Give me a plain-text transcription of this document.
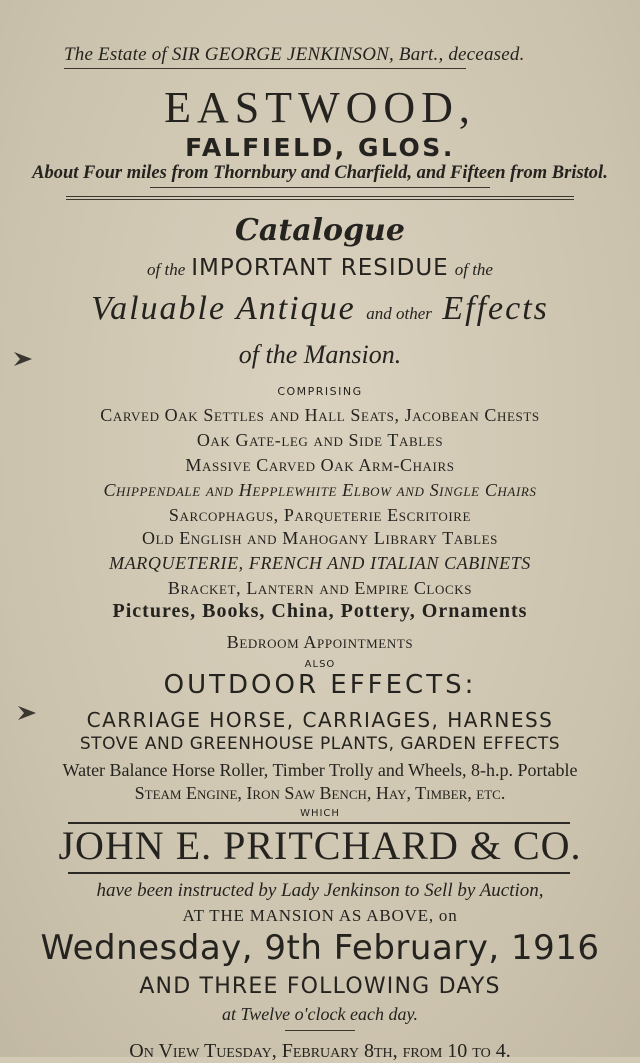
The Estate of SIR GEORGE JENKINSON, Bart., deceased.
EASTWOOD,
FALFIELD, GLOS.
About Four miles from Thornbury and Charfield, and Fifteen from Bristol.
Catalogue
of the IMPORTANT RESIDUE of the
Valuable Antique and other Effects
of the Mansion.
COMPRISING
Carved Oak Settles and Hall Seats, Jacobean Chests
Oak Gate-leg and Side Tables
Massive Carved Oak Arm-Chairs
Chippendale and Hepplewhite Elbow and Single Chairs
Sarcophagus, Parqueterie Escritoire
Old English and Mahogany Library Tables
MARQUETERIE, FRENCH AND ITALIAN CABINETS
Bracket, Lantern and Empire Clocks
Pictures, Books, China, Pottery, Ornaments
Bedroom Appointments
ALSO
OUTDOOR EFFECTS:
CARRIAGE HORSE, CARRIAGES, HARNESS
STOVE AND GREENHOUSE PLANTS, GARDEN EFFECTS
Water Balance Horse Roller, Timber Trolly and Wheels, 8-h.p. Portable
Steam Engine, Iron Saw Bench, Hay, Timber, etc.
WHICH
JOHN E. PRITCHARD & CO.
have been instructed by Lady Jenkinson to Sell by Auction,
AT THE MANSION AS ABOVE, on
Wednesday, 9th February, 1916
AND THREE FOLLOWING DAYS
at Twelve o'clock each day.
On View Tuesday, February 8th, from 10 to 4.
